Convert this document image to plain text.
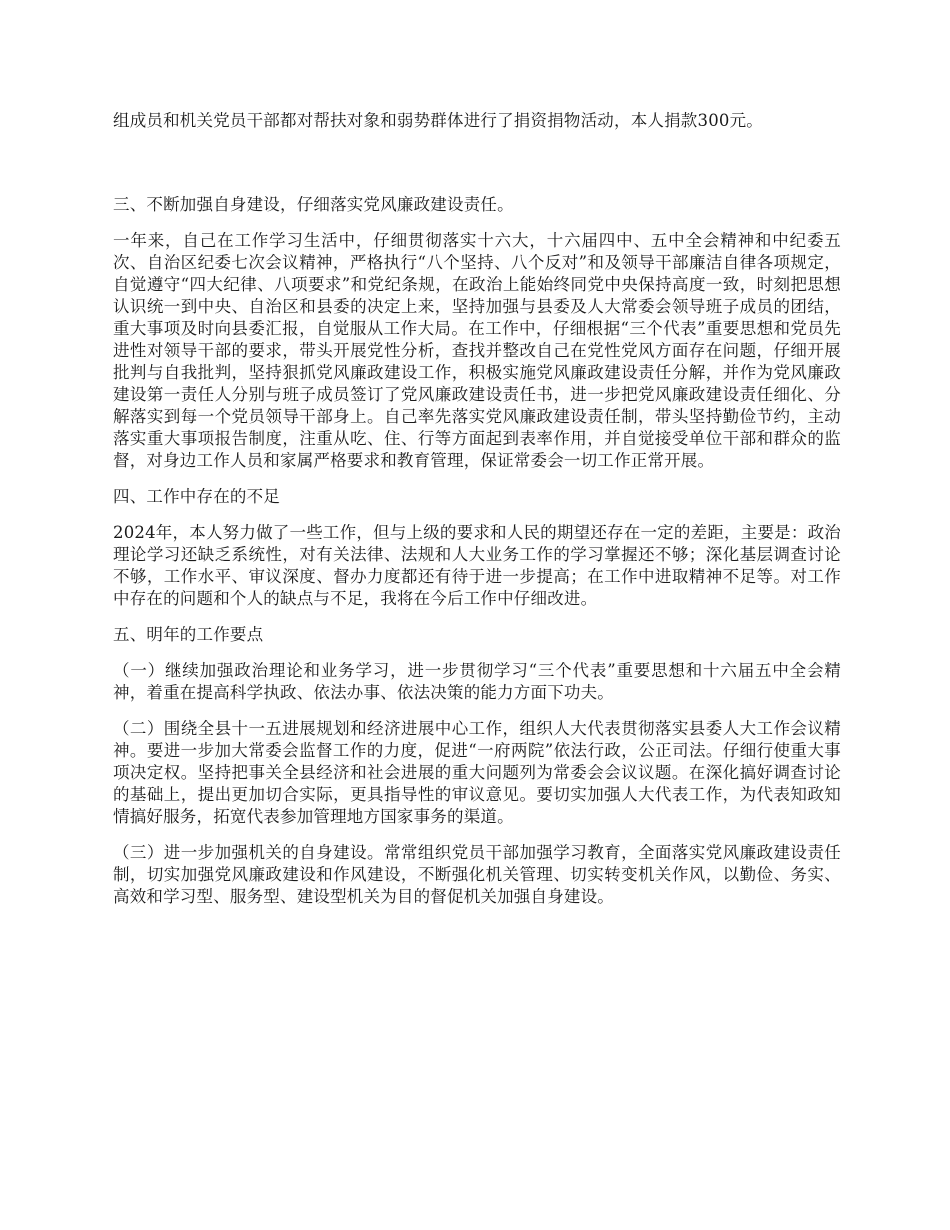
组成员和机关党员干部都对帮扶对象和弱势群体进行了捐资捐物活动，本人捐款300元。

三、不断加强自身建设，仔细落实党风廉政建设责任。

一年来，自己在工作学习生活中，仔细贯彻落实十六大，十六届四中、五中全会精神和中纪委五次、自治区纪委七次会议精神，严格执行“八个坚持、八个反对”和及领导干部廉洁自律各项规定，自觉遵守“四大纪律、八项要求”和党纪条规，在政治上能始终同党中央保持高度一致，时刻把思想认识统一到中央、自治区和县委的决定上来，坚持加强与县委及人大常委会领导班子成员的团结，重大事项及时向县委汇报，自觉服从工作大局。在工作中，仔细根据“三个代表”重要思想和党员先进性对领导干部的要求，带头开展党性分析，查找并整改自己在党性党风方面存在问题，仔细开展批判与自我批判，坚持狠抓党风廉政建设工作，积极实施党风廉政建设责任分解，并作为党风廉政建设第一责任人分别与班子成员签订了党风廉政建设责任书，进一步把党风廉政建设责任细化、分解落实到每一个党员领导干部身上。自己率先落实党风廉政建设责任制，带头坚持勤俭节约，主动落实重大事项报告制度，注重从吃、住、行等方面起到表率作用，并自觉接受单位干部和群众的监督，对身边工作人员和家属严格要求和教育管理，保证常委会一切工作正常开展。

四、工作中存在的不足

2024年，本人努力做了一些工作，但与上级的要求和人民的期望还存在一定的差距，主要是：政治理论学习还缺乏系统性，对有关法律、法规和人大业务工作的学习掌握还不够；深化基层调查讨论不够，工作水平、审议深度、督办力度都还有待于进一步提高；在工作中进取精神不足等。对工作中存在的问题和个人的缺点与不足，我将在今后工作中仔细改进。

五、明年的工作要点

（一）继续加强政治理论和业务学习，进一步贯彻学习“三个代表”重要思想和十六届五中全会精神，着重在提高科学执政、依法办事、依法决策的能力方面下功夫。

（二）围绕全县十一五进展规划和经济进展中心工作，组织人大代表贯彻落实县委人大工作会议精神。要进一步加大常委会监督工作的力度，促进“一府两院”依法行政，公正司法。仔细行使重大事项决定权。坚持把事关全县经济和社会进展的重大问题列为常委会会议议题。在深化搞好调查讨论的基础上，提出更加切合实际，更具指导性的审议意见。要切实加强人大代表工作，为代表知政知情搞好服务，拓宽代表参加管理地方国家事务的渠道。

（三）进一步加强机关的自身建设。常常组织党员干部加强学习教育，全面落实党风廉政建设责任制，切实加强党风廉政建设和作风建设，不断强化机关管理、切实转变机关作风，以勤俭、务实、高效和学习型、服务型、建设型机关为目的督促机关加强自身建设。
